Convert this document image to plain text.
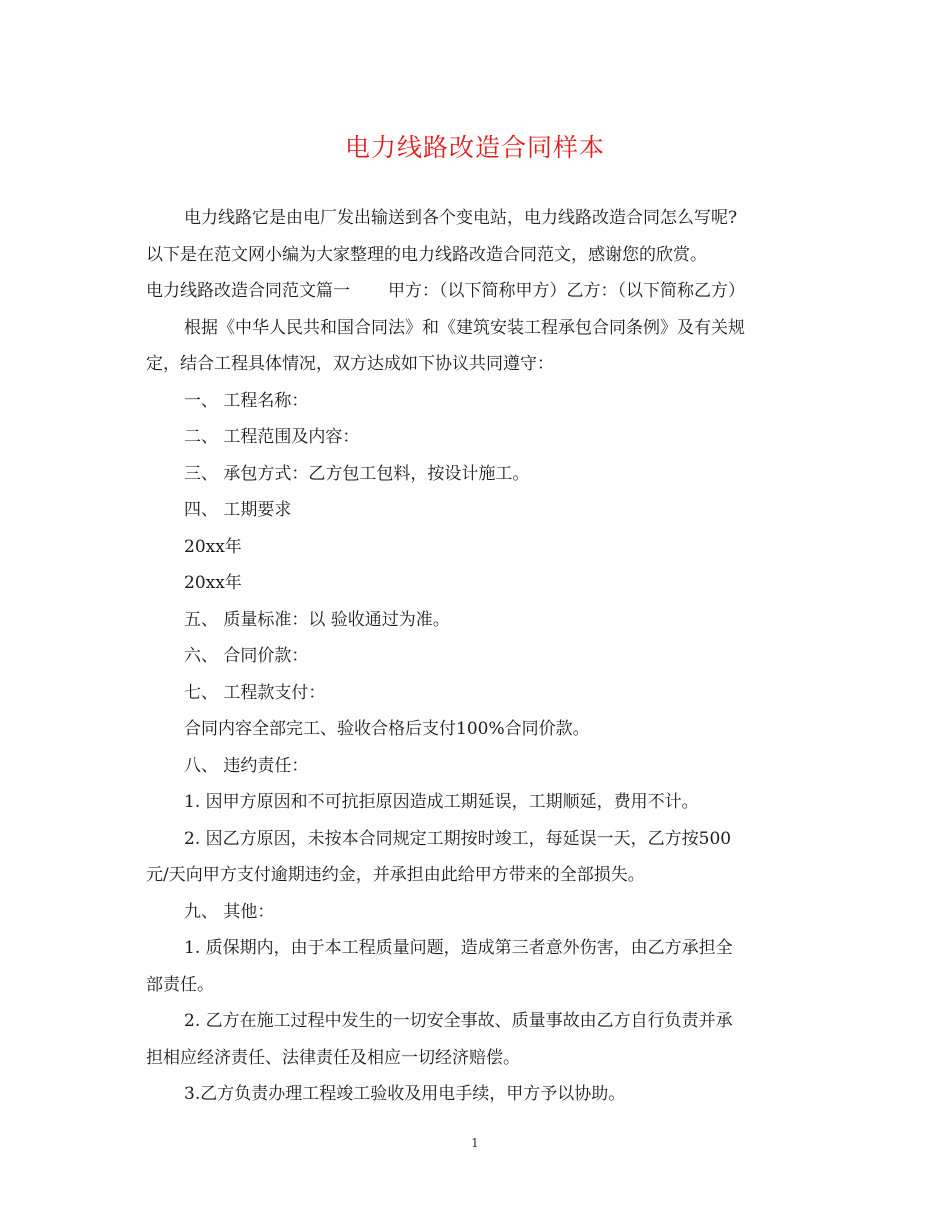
电力线路改造合同样本
电力线路它是由电厂发出输送到各个变电站，电力线路改造合同怎么写呢?
以下是在范文网小编为大家整理的电力线路改造合同范文，感谢您的欣赏。
电力线路改造合同范文篇一 甲方：（以下简称甲方）乙方：（以下简称乙方）
根据《中华人民共和国合同法》和《建筑安装工程承包合同条例》及有关规
定，结合工程具体情况，双方达成如下协议共同遵守：
一、 工程名称：
二、 工程范围及内容：
三、 承包方式：乙方包工包料，按设计施工。
四、 工期要求
20xx年
20xx年
五、 质量标准：以 验收通过为准。
六、 合同价款：
七、 工程款支付：
合同内容全部完工、验收合格后支付100%合同价款。
八、 违约责任：
1. 因甲方原因和不可抗拒原因造成工期延误，工期顺延，费用不计。
2. 因乙方原因，未按本合同规定工期按时竣工，每延误一天，乙方按500
元/天向甲方支付逾期违约金，并承担由此给甲方带来的全部损失。
九、 其他：
1. 质保期内，由于本工程质量问题，造成第三者意外伤害，由乙方承担全
部责任。
2. 乙方在施工过程中发生的一切安全事故、质量事故由乙方自行负责并承
担相应经济责任、法律责任及相应一切经济赔偿。
3.乙方负责办理工程竣工验收及用电手续，甲方予以协助。
1
